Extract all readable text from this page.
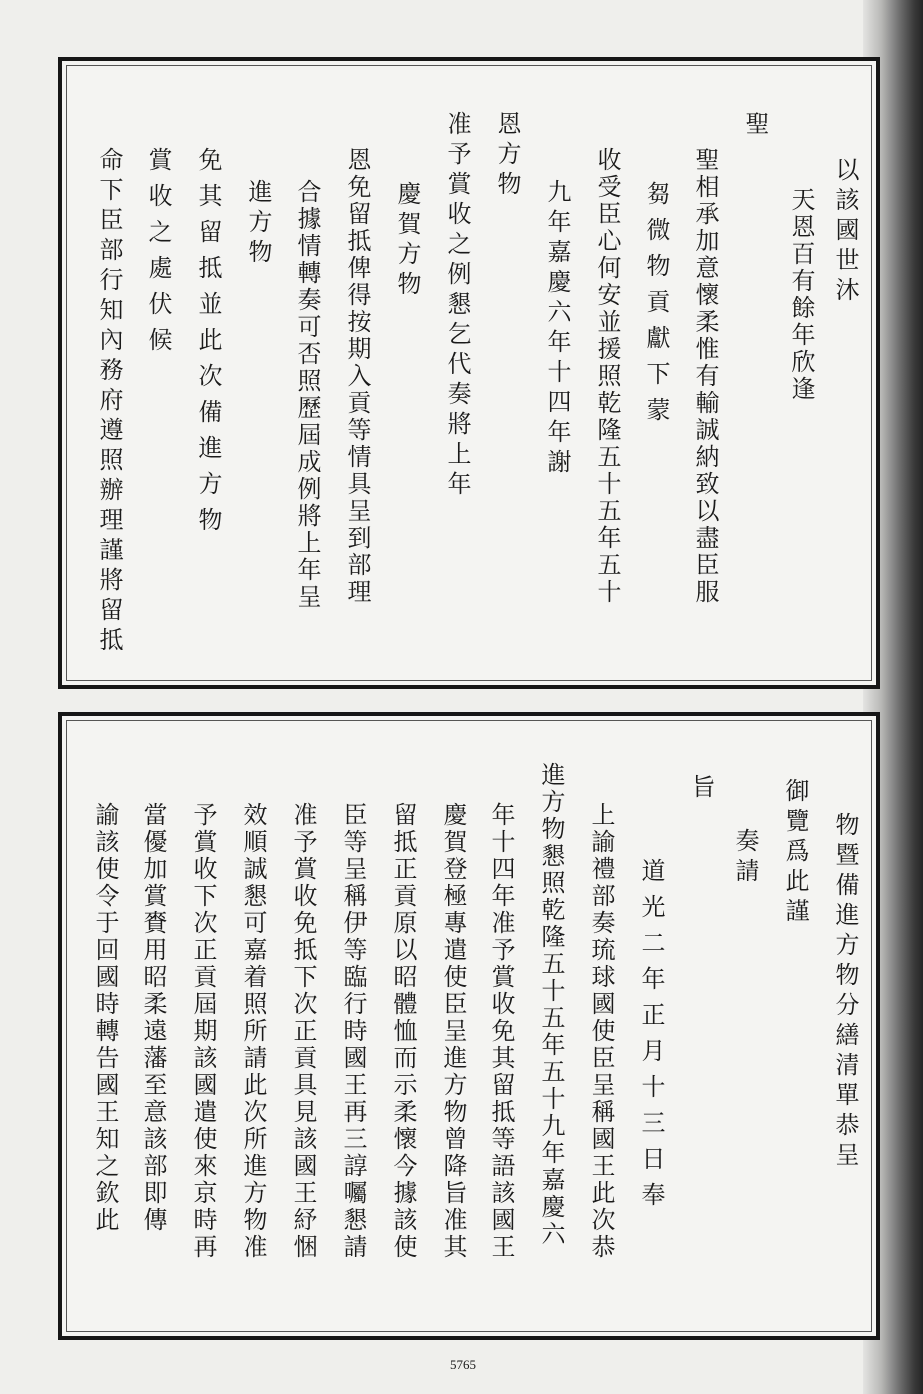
以該國世沐
天恩百有餘年欣逢
聖
聖相承加意懷柔惟有輸誠納致以盡臣服
芻微物貢獻下蒙
收受臣心何安並援照乾隆五十五年五十
九年嘉慶六年十四年謝
恩方物
准予賞收之例懇乞代奏將上年
慶賀方物
恩免留抵俾得按期入貢等情具呈到部理
合據情轉奏可否照歷屆成例將上年呈
進方物
免其留抵並此次備進方物
賞收之處伏候
命下臣部行知內務府遵照辦理謹將留抵
物暨備進方物分繕清單恭呈
御覽爲此謹
奏請
旨
道光二年正月十三日奉
上諭禮部奏琉球國使臣呈稱國王此次恭
進方物懇照乾隆五十五年五十九年嘉慶六
年十四年准予賞收免其留抵等語該國王
慶賀登極專遣使臣呈進方物曾降旨准其
留抵正貢原以昭體恤而示柔懷今據該使
臣等呈稱伊等臨行時國王再三諄囑懇請
准予賞收免抵下次正貢具見該國王紓悃
效順誠懇可嘉着照所請此次所進方物准
予賞收下次正貢屆期該國遣使來京時再
當優加賞賚用昭柔遠藩至意該部即傳
諭該使令于回國時轉告國王知之欽此
5765
